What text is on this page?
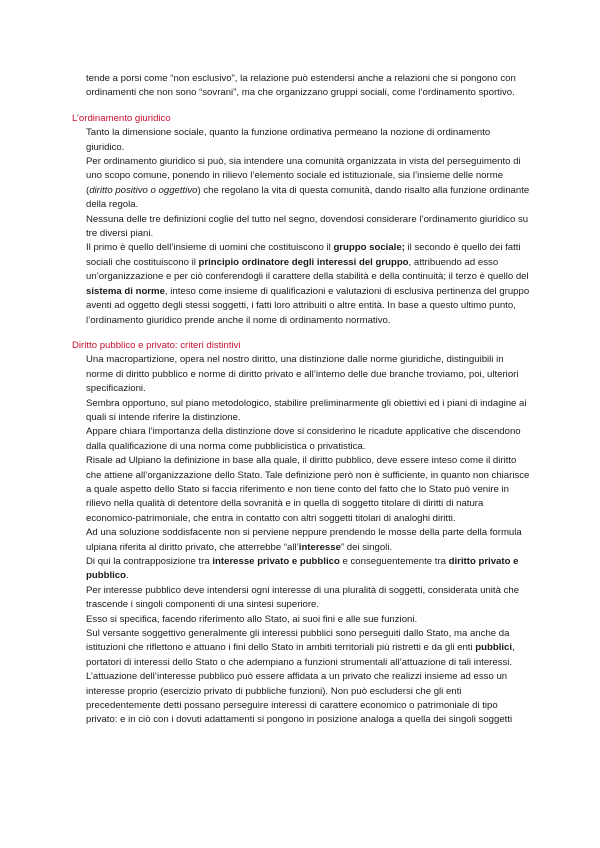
tende a porsi come “non esclusivo”, la relazione può estendersi anche a relazioni che si pongono con ordinamenti che non sono “sovrani”, ma che organizzano gruppi sociali, come l’ordinamento sportivo.

L’ordinamento giuridico

Tanto la dimensione sociale, quanto la funzione ordinativa permeano la nozione di ordinamento giuridico.

Per ordinamento giuridico si può, sia intendere una comunità organizzata in vista del perseguimento di uno scopo comune, ponendo in rilievo l’elemento sociale ed istituzionale, sia l’insieme delle norme (diritto positivo o oggettivo) che regolano la vita di questa comunità, dando risalto alla funzione ordinante della regola.

Nessuna delle tre definizioni coglie del tutto nel segno, dovendosi considerare l’ordinamento giuridico su tre diversi piani.

Il primo è quello dell’insieme di uomini che costituiscono il gruppo sociale; il secondo è quello dei fatti sociali che costituiscono il principio ordinatore degli interessi del gruppo, attribuendo ad esso un’organizzazione e per ciò conferendogli il carattere della stabilità e della continuità; il terzo è quello del sistema di norme, inteso come insieme di qualificazioni e valutazioni di esclusiva pertinenza del gruppo aventi ad oggetto degli stessi soggetti, i fatti loro attribuiti o altre entità. In base a questo ultimo punto, l’ordinamento giuridico prende anche il nome di ordinamento normativo.

Diritto pubblico e privato: criteri distintivi

Una macropartizione, opera nel nostro diritto, una distinzione dalle norme giuridiche, distinguibili in norme di diritto pubblico e norme di diritto privato e all’interno delle due branche troviamo, poi, ulteriori specificazioni.

Sembra opportuno, sul piano metodologico, stabilire preliminarmente gli obiettivi ed i piani di indagine ai quali si intende riferire la distinzione.

Appare chiara l’importanza della distinzione dove si considerino le ricadute applicative che discendono dalla qualificazione di una norma come pubblicistica o privatistica.

Risale ad Ulpiano la definizione in base alla quale, il diritto pubblico, deve essere inteso come il diritto che attiene all’organizzazione dello Stato. Tale definizione però non è sufficiente, in quanto non chiarisce a quale aspetto dello Stato si faccia riferimento e non tiene conto del fatto che lo Stato può venire in rilievo nella qualità di detentore della sovranità e in quella di soggetto titolare di diritti di natura economico-patrimoniale, che entra in contatto con altri soggetti titolari di analoghi diritti.

Ad una soluzione soddisfacente non si perviene neppure prendendo le mosse della parte della formula ulpiana riferita al diritto privato, che atterrebbe “all’interesse” dei singoli.

Di qui la contrapposizione tra interesse privato e pubblico e conseguentemente tra diritto privato e pubblico.

Per interesse pubblico deve intendersi ogni interesse di una pluralità di soggetti, considerata unità che trascende i singoli componenti di una sintesi superiore.

Esso si specifica, facendo riferimento allo Stato, ai suoi fini e alle sue funzioni.

Sul versante soggettivo generalmente gli interessi pubblici sono perseguiti dallo Stato, ma anche da istituzioni che riflettono e attuano i fini dello Stato in ambiti territoriali più ristretti e da gli enti pubblici, portatori di interessi dello Stato o che adempiano a funzioni strumentali all’attuazione di tali interessi.

L’attuazione dell’interesse pubblico può essere affidata a un privato che realizzi insieme ad esso un interesse proprio (esercizio privato di pubbliche funzioni). Non può escludersi che gli enti precedentemente detti possano perseguire interessi di carattere economico o patrimoniale di tipo privato: e in ciò con i dovuti adattamenti si pongono in posizione analoga a quella dei singoli soggetti
